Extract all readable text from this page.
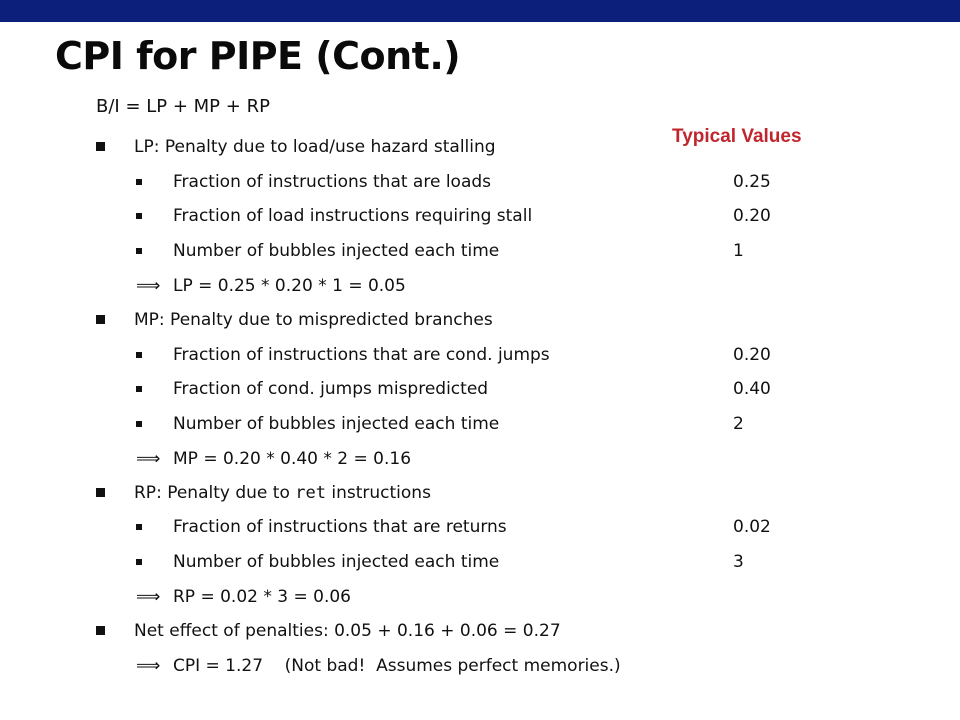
CPI for PIPE (Cont.)
Typical Values
B/I = LP + MP + RP
LP: Penalty due to load/use hazard stalling
Fraction of instructions that are loads	0.25
Fraction of load instructions requiring stall	0.20
Number of bubbles injected each time	1
⟹ LP = 0.25 * 0.20 * 1 = 0.05
MP: Penalty due to mispredicted branches
Fraction of instructions that are cond. jumps	0.20
Fraction of cond. jumps mispredicted	0.40
Number of bubbles injected each time	2
⟹ MP = 0.20 * 0.40 * 2 = 0.16
RP: Penalty due to ret instructions
Fraction of instructions that are returns	0.02
Number of bubbles injected each time	3
⟹ RP = 0.02 * 3 = 0.06
Net effect of penalties: 0.05 + 0.16 + 0.06 = 0.27
⟹ CPI = 1.27    (Not bad!  Assumes perfect memories.)
